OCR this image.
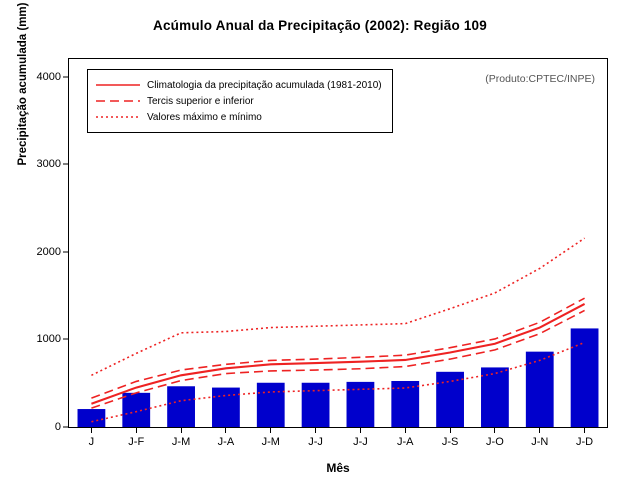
Acúmulo Anual da Precipitação (2002): Região 109
Precipitação acumulada (mm)
Mês
0
1000
2000
3000
4000
J	J-F	J-M J-A J-M	J-J	J-J	J-A	J-S	J-O J-N	J-D
Climatologia da precipitação acumulada (1981-2010)
Tercis superior e inferior
Valores máximo e mínimo
(Produto:CPTEC/INPE)
